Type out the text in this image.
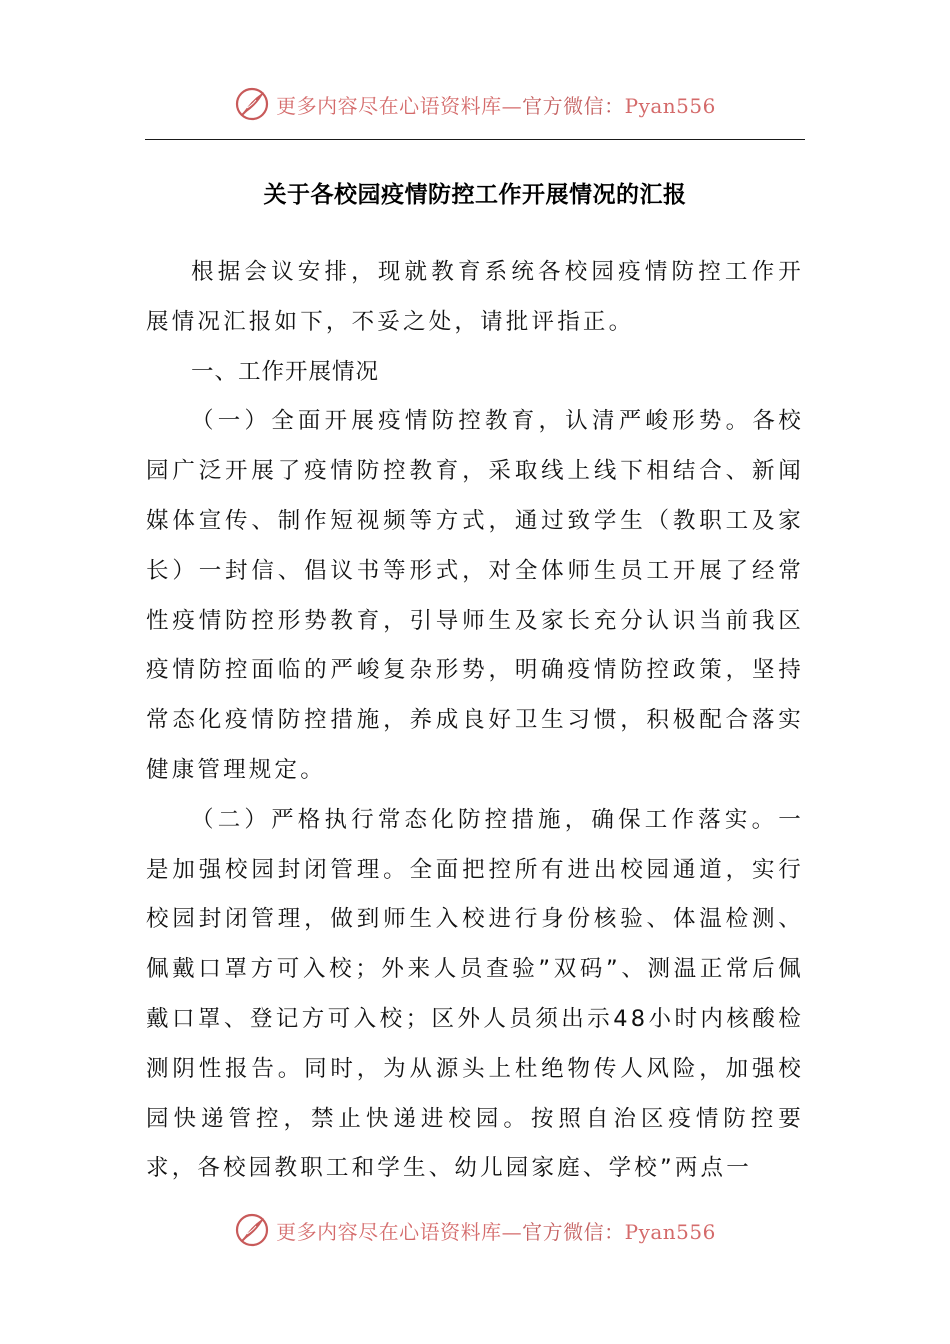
更多内容尽在心语资料库—官方微信：Pyan556
关于各校园疫情防控工作开展情况的汇报

根据会议安排，现就教育系统各校园疫情防控工作开展情况汇报如下，不妥之处，请批评指正。

一、工作开展情况

（一）全面开展疫情防控教育，认清严峻形势。各校园广泛开展了疫情防控教育，采取线上线下相结合、新闻媒体宣传、制作短视频等方式，通过致学生（教职工及家长）一封信、倡议书等形式，对全体师生员工开展了经常性疫情防控形势教育，引导师生及家长充分认识当前我区疫情防控面临的严峻复杂形势，明确疫情防控政策，坚持常态化疫情防控措施，养成良好卫生习惯，积极配合落实健康管理规定。

（二）严格执行常态化防控措施，确保工作落实。一是加强校园封闭管理。全面把控所有进出校园通道，实行校园封闭管理，做到师生入校进行身份核验、体温检测、佩戴口罩方可入校；外来人员查验”双码”、测温正常后佩戴口罩、登记方可入校；区外人员须出示48小时内核酸检测阴性报告。同时，为从源头上杜绝物传人风险，加强校园快递管控，禁止快递进校园。按照自治区疫情防控要求，各校园教职工和学生、幼儿园家庭、学校”两点一

更多内容尽在心语资料库—官方微信：Pyan556
